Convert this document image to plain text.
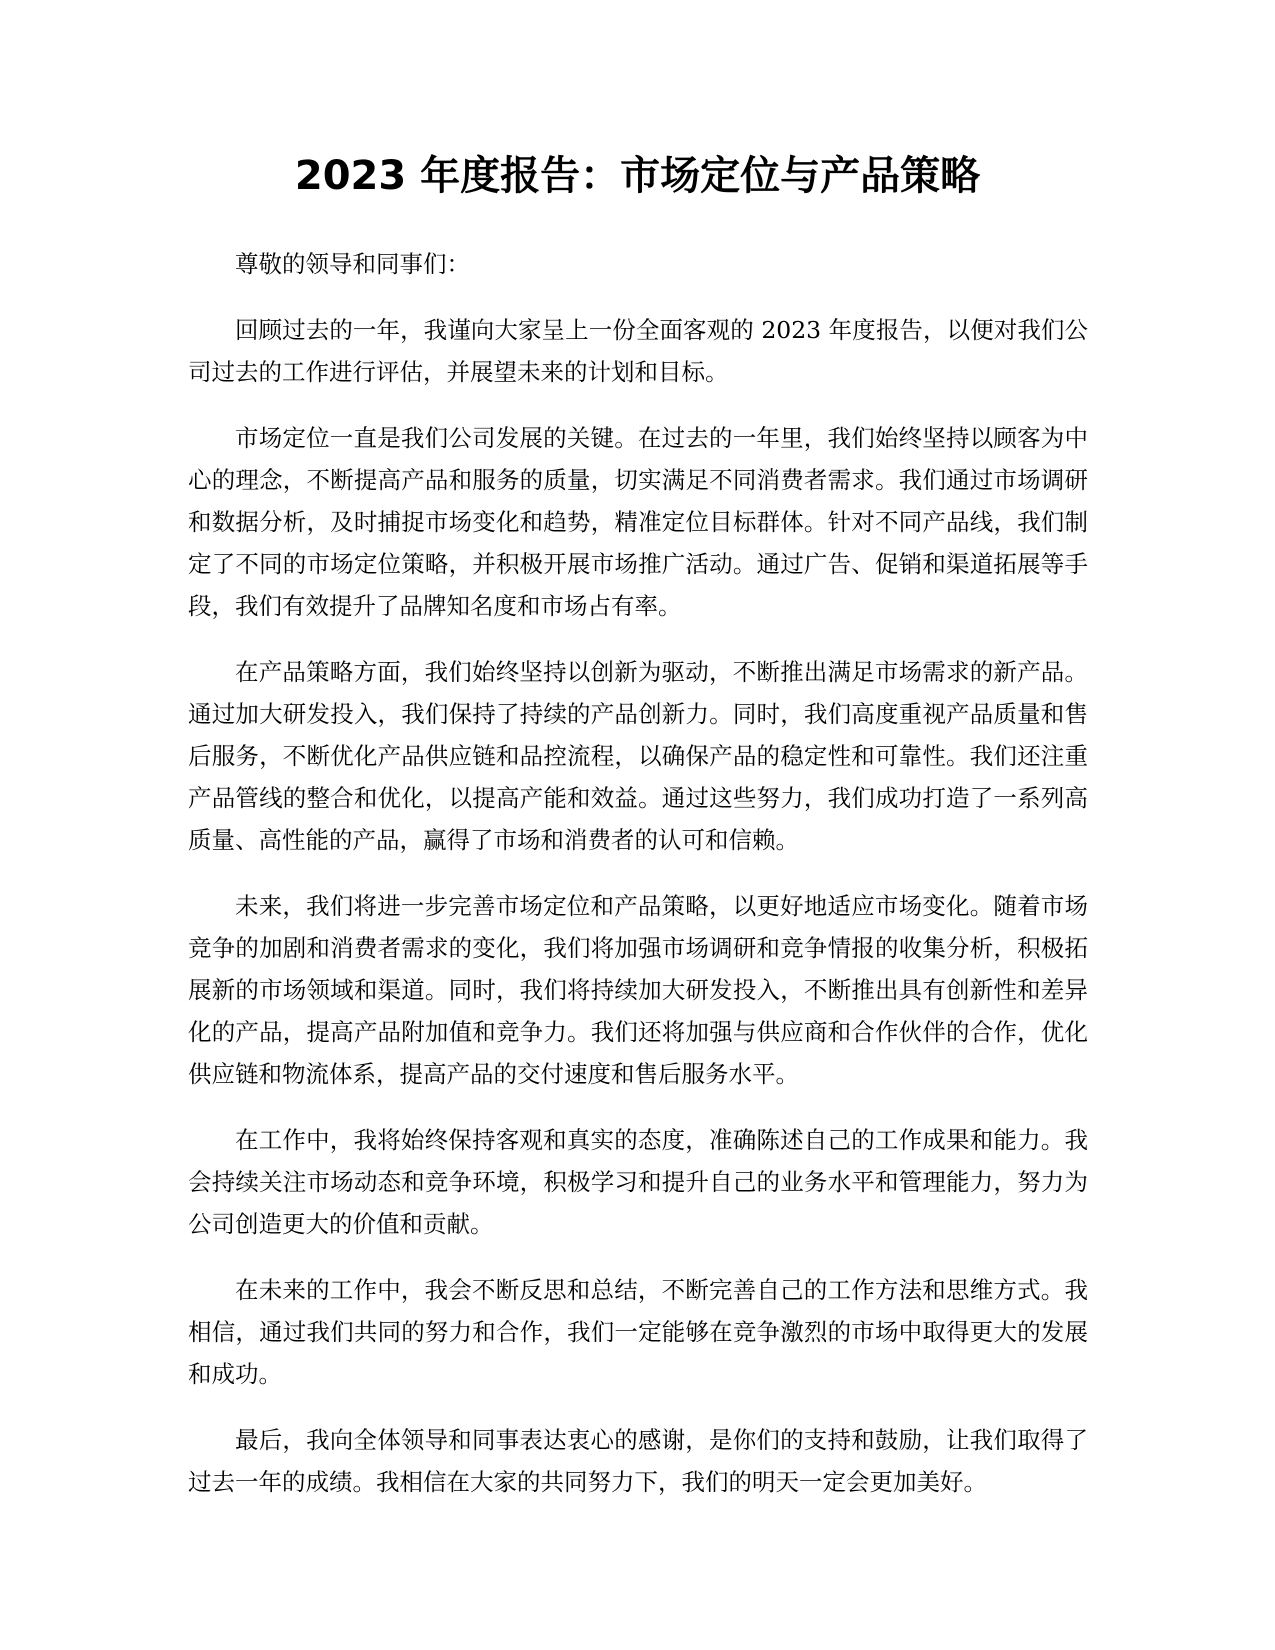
2023 年度报告：市场定位与产品策略

尊敬的领导和同事们：

回顾过去的一年，我谨向大家呈上一份全面客观的 2023 年度报告，以便对我们公司过去的工作进行评估，并展望未来的计划和目标。

市场定位一直是我们公司发展的关键。在过去的一年里，我们始终坚持以顾客为中心的理念，不断提高产品和服务的质量，切实满足不同消费者需求。我们通过市场调研和数据分析，及时捕捉市场变化和趋势，精准定位目标群体。针对不同产品线，我们制定了不同的市场定位策略，并积极开展市场推广活动。通过广告、促销和渠道拓展等手段，我们有效提升了品牌知名度和市场占有率。

在产品策略方面，我们始终坚持以创新为驱动，不断推出满足市场需求的新产品。通过加大研发投入，我们保持了持续的产品创新力。同时，我们高度重视产品质量和售后服务，不断优化产品供应链和品控流程，以确保产品的稳定性和可靠性。我们还注重产品管线的整合和优化，以提高产能和效益。通过这些努力，我们成功打造了一系列高质量、高性能的产品，赢得了市场和消费者的认可和信赖。

未来，我们将进一步完善市场定位和产品策略，以更好地适应市场变化。随着市场竞争的加剧和消费者需求的变化，我们将加强市场调研和竞争情报的收集分析，积极拓展新的市场领域和渠道。同时，我们将持续加大研发投入，不断推出具有创新性和差异化的产品，提高产品附加值和竞争力。我们还将加强与供应商和合作伙伴的合作，优化供应链和物流体系，提高产品的交付速度和售后服务水平。

在工作中，我将始终保持客观和真实的态度，准确陈述自己的工作成果和能力。我会持续关注市场动态和竞争环境，积极学习和提升自己的业务水平和管理能力，努力为公司创造更大的价值和贡献。

在未来的工作中，我会不断反思和总结，不断完善自己的工作方法和思维方式。我相信，通过我们共同的努力和合作，我们一定能够在竞争激烈的市场中取得更大的发展和成功。

最后，我向全体领导和同事表达衷心的感谢，是你们的支持和鼓励，让我们取得了过去一年的成绩。我相信在大家的共同努力下，我们的明天一定会更加美好。
